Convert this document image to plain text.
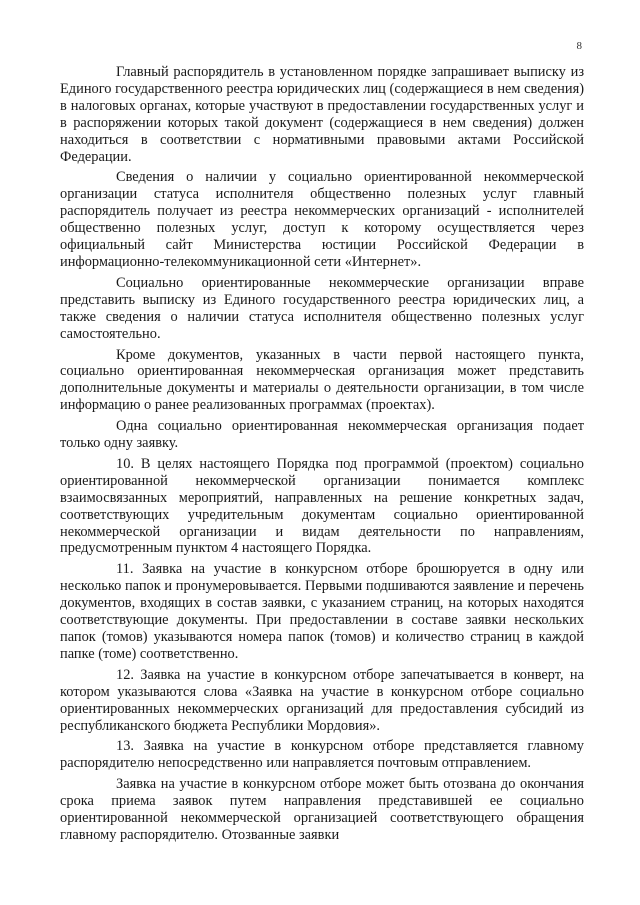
8

Главный распорядитель в установленном порядке запрашивает выписку из Единого государственного реестра юридических лиц (содержащиеся в нем сведения) в налоговых органах, которые участвуют в предоставлении государственных услуг и в распоряжении которых такой документ (содержащиеся в нем сведения) должен находиться в соответствии с нормативными правовыми актами Российской Федерации.

Сведения о наличии у социально ориентированной некоммерческой организации статуса исполнителя общественно полезных услуг главный распорядитель получает из реестра некоммерческих организаций - исполнителей общественно полезных услуг, доступ к которому осуществляется через официальный сайт Министерства юстиции Российской Федерации в информационно-телекоммуникационной сети «Интернет».

Социально ориентированные некоммерческие организации вправе представить выписку из Единого государственного реестра юридических лиц, а также сведения о наличии статуса исполнителя общественно полезных услуг самостоятельно.

Кроме документов, указанных в части первой настоящего пункта, социально ориентированная некоммерческая организация может представить дополнительные документы и материалы о деятельности организации, в том числе информацию о ранее реализованных программах (проектах).

Одна социально ориентированная некоммерческая организация подает только одну заявку.

10. В целях настоящего Порядка под программой (проектом) социально ориентированной некоммерческой организации понимается комплекс взаимосвязанных мероприятий, направленных на решение конкретных задач, соответствующих учредительным документам социально ориентированной некоммерческой организации и видам деятельности по направлениям, предусмотренным пунктом 4 настоящего Порядка.

11. Заявка на участие в конкурсном отборе брошюруется в одну или несколько папок и пронумеровывается. Первыми подшиваются заявление и перечень документов, входящих в состав заявки, с указанием страниц, на которых находятся соответствующие документы. При предоставлении в составе заявки нескольких папок (томов) указываются номера папок (томов) и количество страниц в каждой папке (томе) соответственно.

12. Заявка на участие в конкурсном отборе запечатывается в конверт, на котором указываются слова «Заявка на участие в конкурсном отборе социально ориентированных некоммерческих организаций для предоставления субсидий из республиканского бюджета Республики Мордовия».

13. Заявка на участие в конкурсном отборе представляется главному распорядителю непосредственно или направляется почтовым отправлением.

Заявка на участие в конкурсном отборе может быть отозвана до окончания срока приема заявок путем направления представившей ее социально ориентированной некоммерческой организацией соответствующего обращения главному распорядителю. Отозванные заявки
